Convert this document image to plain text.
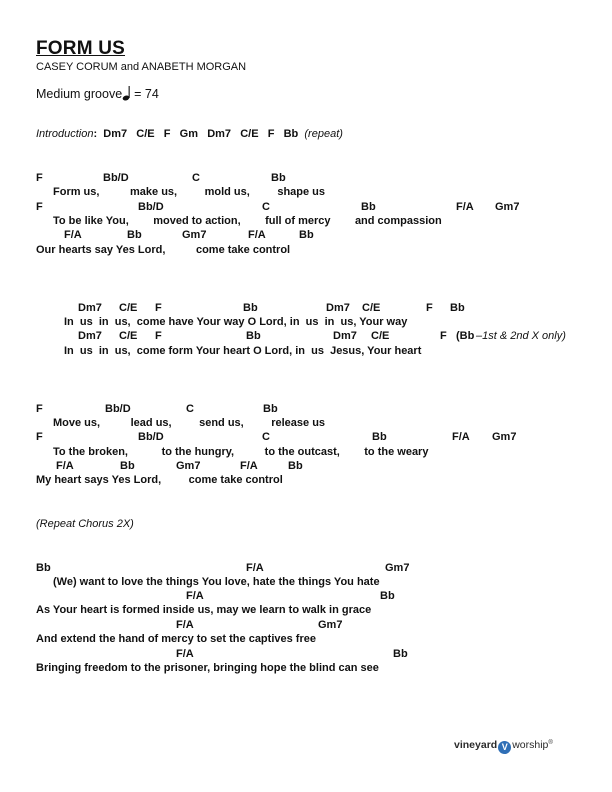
FORM US
CASEY CORUM and ANABETH MORGAN
Medium groove = 74
Introduction: Dm7   C/E   F   Gm   Dm7   C/E   F   Bb (repeat)
F	Bb/D	C	Bb
Form us,          make us,         mold us,         shape us
F	Bb/D	C	Bb	F/A Gm7
To be like You,        moved to action,        full of mercy        and compassion
F/A	Bb	Gm7	F/A	Bb
Our hearts say Yes Lord,          come take control
Dm7 C/E F	Bb	Dm7 C/E	F Bb
In  us  in  us,  come have Your way O Lord, in  us  in  us, Your way
Dm7 C/E F	Bb	Dm7 C/E	F (Bb –1st & 2nd X only)
In  us  in  us,  come form Your heart O Lord, in  us  Jesus, Your heart
F	Bb/D	C	Bb
Move us,          lead us,         send us,         release us
F	Bb/D	C	Bb	F/A Gm7
To the broken,           to the hungry,          to the outcast,        to the weary
F/A	Bb	Gm7	F/A	Bb
My heart says Yes Lord,         come take control
(Repeat Chorus 2X)
Bb	F/A	Gm7
(We) want to love the things You love, hate the things You hate
F/A	Bb
As Your heart is formed inside us, may we learn to walk in grace
F/A	Gm7
And extend the hand of mercy to set the captives free
F/A	Bb
Bringing freedom to the prisoner, bringing hope the blind can see
vineyard V worship®
